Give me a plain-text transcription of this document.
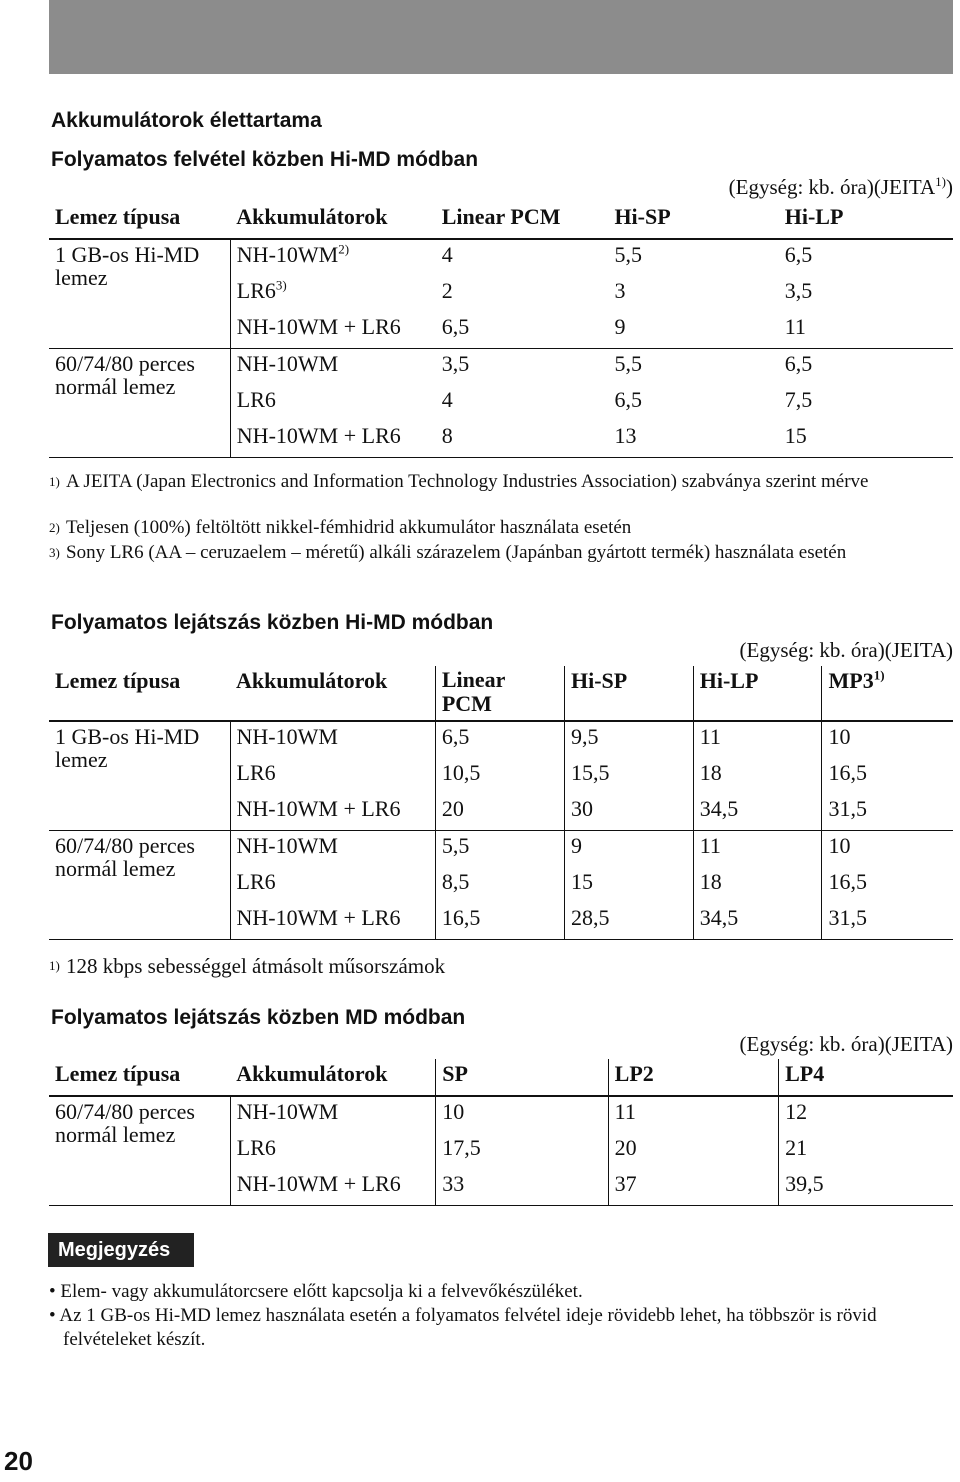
Akkumulátorok élettartama
Folyamatos felvétel közben Hi-MD módban
(Egység: kb. óra)(JEITA$^{1)}$)
Lemez típusa	Akkumulátorok	Linear PCM	Hi-SP	Hi-LP
1 GB-os Hi-MD lemez	NH-10WM$^{2)}$	4	5,5	6,5
	LR6$^{3)}$	2	3	3,5
	NH-10WM + LR6	6,5	9	11
60/74/80 perces normál lemez	NH-10WM	3,5	5,5	6,5
	LR6	4	6,5	7,5
	NH-10WM + LR6	8	13	15
1) A JEITA (Japan Electronics and Information Technology Industries Association) szabványa szerint mérve
2) Teljesen (100%) feltöltött nikkel-fémhidrid akkumulátor használata esetén
3) Sony LR6 (AA – ceruzaelem – méretű) alkáli szárazelem (Japánban gyártott termék) használata esetén
Folyamatos lejátszás közben Hi-MD módban
(Egység: kb. óra)(JEITA)
Lemez típusa	Akkumulátorok	Linear PCM	Hi-SP	Hi-LP	MP3$^{1)}$
1 GB-os Hi-MD lemez	NH-10WM	6,5	9,5	11	10
	LR6	10,5	15,5	18	16,5
	NH-10WM + LR6	20	30	34,5	31,5
60/74/80 perces normál lemez	NH-10WM	5,5	9	11	10
	LR6	8,5	15	18	16,5
	NH-10WM + LR6	16,5	28,5	34,5	31,5
1) 128 kbps sebességgel átmásolt műsorszámok
Folyamatos lejátszás közben MD módban
(Egység: kb. óra)(JEITA)
Lemez típusa	Akkumulátorok	SP	LP2	LP4
60/74/80 perces normál lemez	NH-10WM	10	11	12
	LR6	17,5	20	21
	NH-10WM + LR6	33	37	39,5
Megjegyzés
• Elem- vagy akkumulátorcsere előtt kapcsolja ki a felvevőkészüléket.
• Az 1 GB-os Hi-MD lemez használata esetén a folyamatos felvétel ideje rövidebb lehet, ha többször is rövid felvételeket készít.
20
